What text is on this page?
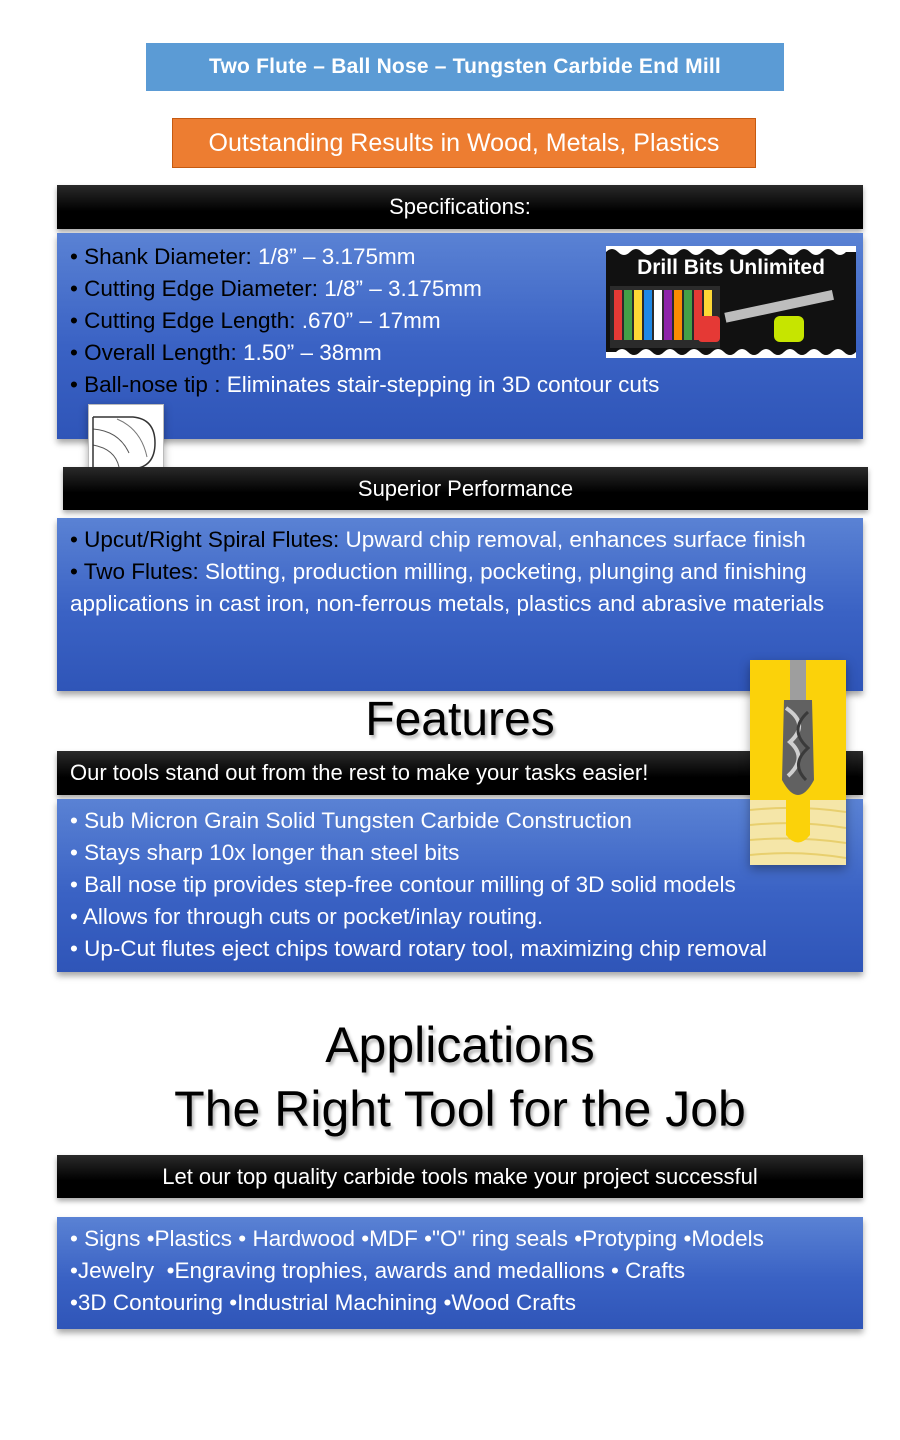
Two Flute – Ball Nose – Tungsten Carbide End Mill
Outstanding Results in Wood, Metals, Plastics
Specifications:
• Shank Diameter: 1/8” – 3.175mm
• Cutting Edge Diameter: 1/8” – 3.175mm
• Cutting Edge Length: .670” – 17mm
• Overall Length: 1.50” – 38mm
• Ball-nose tip : Eliminates stair-stepping in 3D contour cuts
Drill Bits Unlimited
Superior Performance
• Upcut/Right Spiral Flutes: Upward chip removal, enhances surface finish
• Two Flutes: Slotting, production milling, pocketing, plunging and finishing applications in cast iron, non-ferrous metals, plastics and abrasive materials
Features
Our tools stand out from the rest to make your tasks easier!
• Sub Micron Grain Solid Tungsten Carbide Construction
• Stays sharp 10x longer than steel bits
• Ball nose tip provides step-free contour milling of 3D solid models
• Allows for through cuts or pocket/inlay routing.
• Up-Cut flutes eject chips toward rotary tool, maximizing chip removal
Applications
The Right Tool for the Job
Let our top quality carbide tools make your project successful
• Signs •Plastics • Hardwood •MDF •"O" ring seals •Protyping •Models
•Jewelry  •Engraving trophies, awards and medallions • Crafts
•3D Contouring •Industrial Machining •Wood Crafts
